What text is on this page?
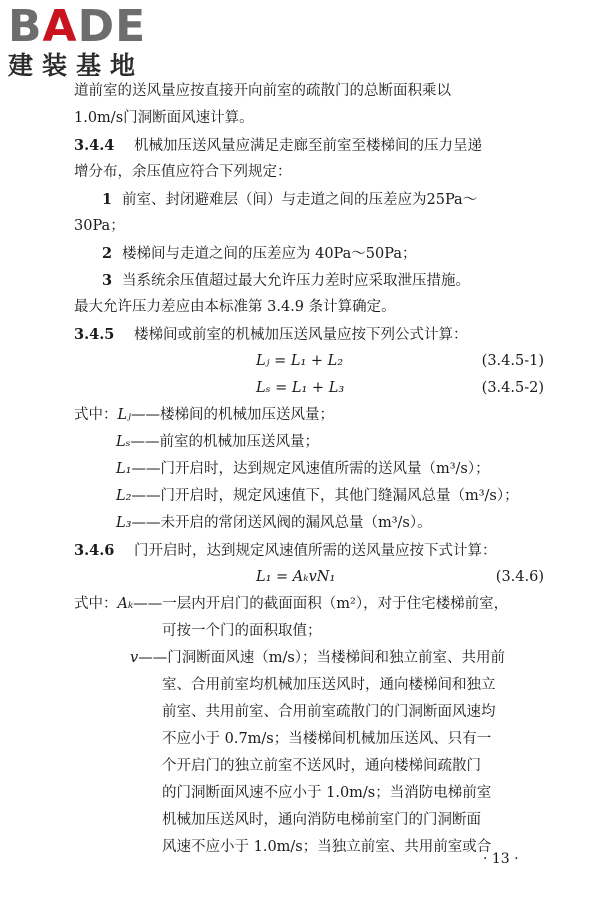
BADE
建装基地
道前室的送风量应按直接开向前室的疏散门的总断面积乘以
1.0m/s门洞断面风速计算。
3.4.4 机械加压送风量应满足走廊至前室至楼梯间的压力呈递
增分布，余压值应符合下列规定：
1 前室、封闭避难层（间）与走道之间的压差应为25Pa～
30Pa；
2 楼梯间与走道之间的压差应为 40Pa～50Pa；
3 当系统余压值超过最大允许压力差时应采取泄压措施。
最大允许压力差应由本标准第 3.4.9 条计算确定。
3.4.5 楼梯间或前室的机械加压送风量应按下列公式计算：
Lⱼ = L₁ + L₂	(3.4.5-1)
Lₛ = L₁ + L₃	(3.4.5-2)
式中：Lⱼ——楼梯间的机械加压送风量；
Lₛ——前室的机械加压送风量；
L₁——门开启时，达到规定风速值所需的送风量（m³/s）；
L₂——门开启时，规定风速值下，其他门缝漏风总量（m³/s）；
L₃——未开启的常闭送风阀的漏风总量（m³/s）。
3.4.6 门开启时，达到规定风速值所需的送风量应按下式计算：
L₁ = AₖvN₁	(3.4.6)
式中：Aₖ——一层内开启门的截面面积（m²），对于住宅楼梯前室，
可按一个门的面积取值；
v——门洞断面风速（m/s）；当楼梯间和独立前室、共用前
室、合用前室均机械加压送风时，通向楼梯间和独立
前室、共用前室、合用前室疏散门的门洞断面风速均
不应小于 0.7m/s；当楼梯间机械加压送风、只有一
个开启门的独立前室不送风时，通向楼梯间疏散门
的门洞断面风速不应小于 1.0m/s；当消防电梯前室
机械加压送风时，通向消防电梯前室门的门洞断面
风速不应小于 1.0m/s；当独立前室、共用前室或合
· 13 ·
